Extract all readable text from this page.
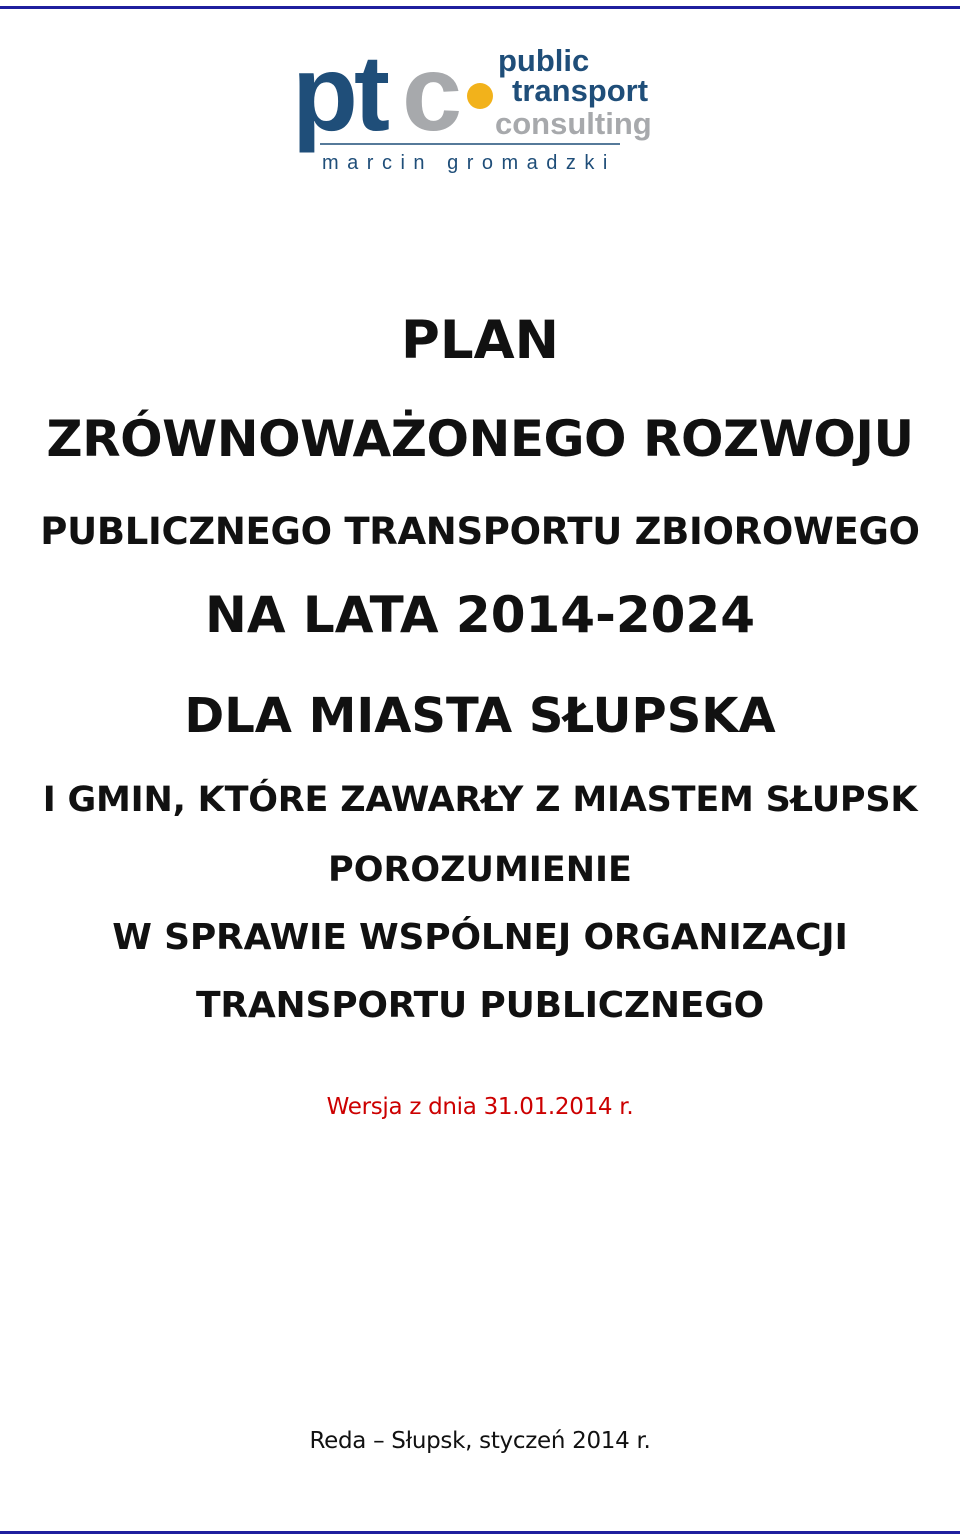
pt c public
transport
consulting
marcin gromadzki
PLAN
ZRÓWNOWAŻONEGO ROZWOJU
PUBLICZNEGO TRANSPORTU ZBIOROWEGO
NA LATA 2014-2024
DLA MIASTA SŁUPSKA
I GMIN, KTÓRE ZAWARŁY Z MIASTEM SŁUPSK
POROZUMIENIE
W SPRAWIE WSPÓLNEJ ORGANIZACJI
TRANSPORTU PUBLICZNEGO
Wersja z dnia 31.01.2014 r.
Reda – Słupsk, styczeń 2014 r.
